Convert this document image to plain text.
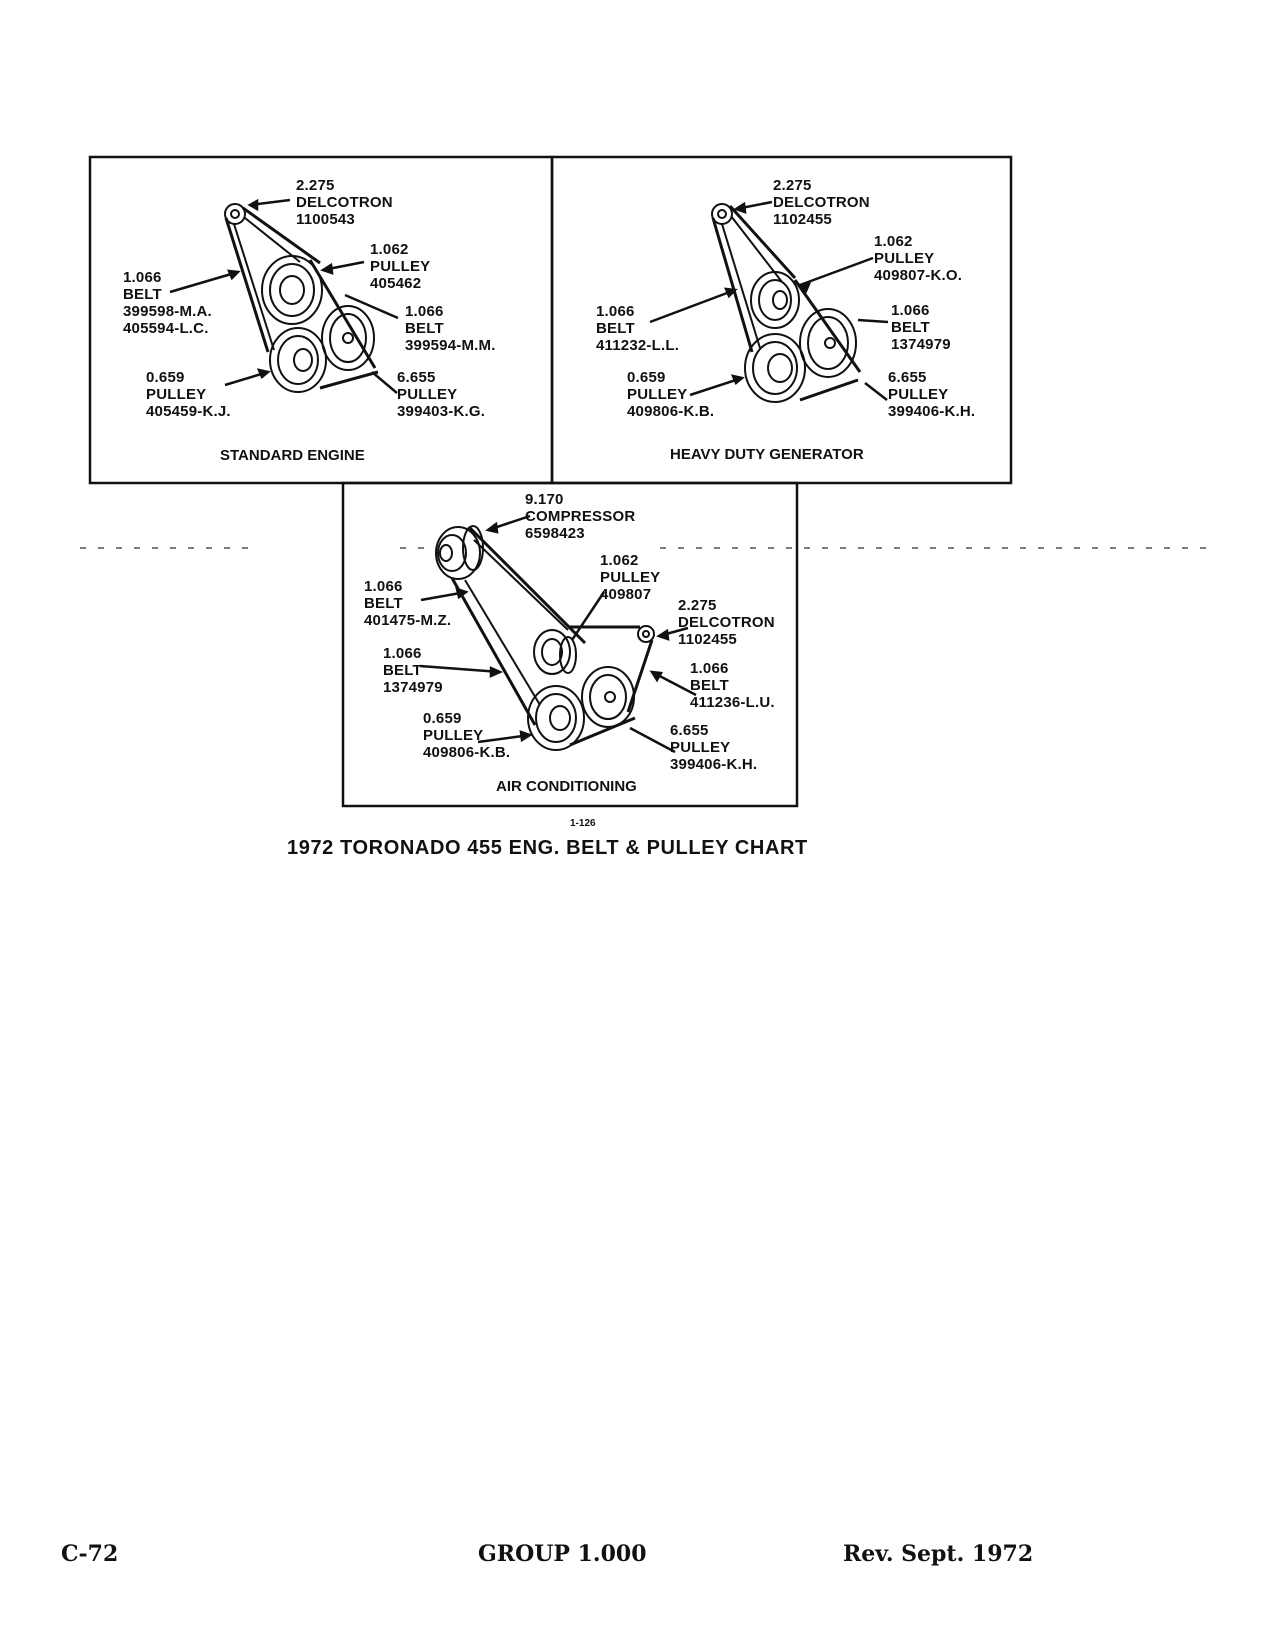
2.275
DELCOTRON
1100543
1.062
PULLEY
405462
1.066
BELT
399598-M.A.
405594-L.C.
1.066
BELT
399594-M.M.
0.659
PULLEY
405459-K.J.
6.655
PULLEY
399403-K.G.
STANDARD ENGINE
2.275
DELCOTRON
1102455
1.062
PULLEY
409807-K.O.
1.066
BELT
411232-L.L.
1.066
BELT
1374979
0.659
PULLEY
409806-K.B.
6.655
PULLEY
399406-K.H.
HEAVY DUTY GENERATOR
9.170
COMPRESSOR
6598423
1.062
PULLEY
409807
2.275
DELCOTRON
1102455
1.066
BELT
401475-M.Z.
1.066
BELT
1374979
1.066
BELT
411236-L.U.
0.659
PULLEY
409806-K.B.
6.655
PULLEY
399406-K.H.
AIR CONDITIONING
1-126
1972 TORONADO 455 ENG. BELT & PULLEY CHART
C-72	GROUP 1.000	Rev. Sept. 1972
